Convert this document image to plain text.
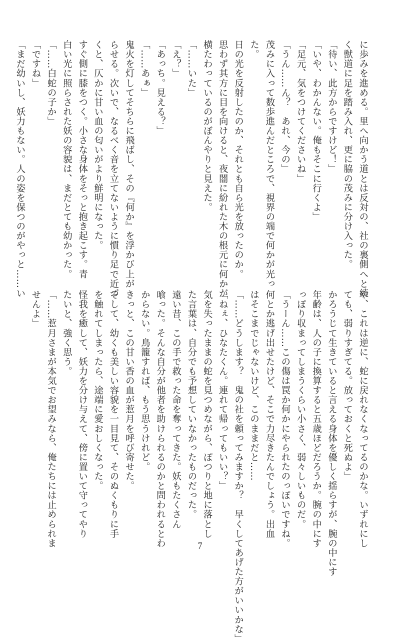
に歩みを進める。里へ向かう道とは反対の、社の裏側へと続
く獣道に足を踏み入れ、更に脇の茂みに分け入った。
「待い、此方からですけど！」
「いや、わかんない。俺もそこに行くよ」
「足元、気をつけてくださいね」
「うん……ん？　あれ、今の」
茂みに入って数歩進んだところで、視界の端で何かが光っ
た。
日の光を反射したのか、それとも自ら光を放ったのか。
思わず其方に目を向けると、夜闇に紛れた木の根元に何かが
横たわっているのがぼんやりと見えた。
「……いた」
「え？」
「あっち。見える？」
「……あぁ」
鬼火を灯してそちらに飛ばし、その『何か』を浮かび上が
らせる。次いで、なるべく音を立てないように慣り足で近づ
くと、仄かに甘い血の匂いがより鮮明になった。
すぐ側に膝をつく。小さな身体をそっと抱き起こす。青
白い光に照らされた妖の容貌は、まだとても幼かった。
「……白蛇の子か」
「ですね」
「まだ幼いし、妖力もない。人の姿を保つのがやっと……い
や、これは逆に、蛇に戻れなくなってるのかな。いずれにし
ても、弱りすぎてる。放っておくと死ぬよ」
かろうじて生きていると言える身体を優しく揺らすが、腕の中にす
年齢は、人の子に換算すると五歳ほどだろうか。腕の中にす
っぽり収まってしまうくらい小さく、弱々しいものだ。
「うーん……この傷は罠か何かにやられたのっぽいですね。
何とか逃げ出せたけど、そこで力尽きたんでしょう。出血
はそこまでじゃないけど、このままだと……
「……どうします？　鬼の社を頼ってみますか？　早くしてあげた方がいいかな」
「ねぇ、ひなたくん。連れて帰ってもいい？」
気を失ったままの蛇を見つめながら、ぽつりと地に落とし
た言葉は、自分でも予想していなかったものだった。
遠い昔、この手で救った命を奪ってきた。妖もたくさん
喰った。そんな自分が他者を助けられるのかと問われるとわ
からない。鳥籠すれば、もう思うけれど。
きっと、この甘い香の血が惹月を呼び寄せた。
そして、幼くも美しい容貌を一目見て、そのぬくもりに手
を触れてしまったら、途端に愛おしくなった。
怪我を癒して、妖力を分け与えて、傍に置いて守ってやり
たいと、強く思う。
「……惹月さまが本気でお望みなら、俺たちには止められま
せんよ」
7
